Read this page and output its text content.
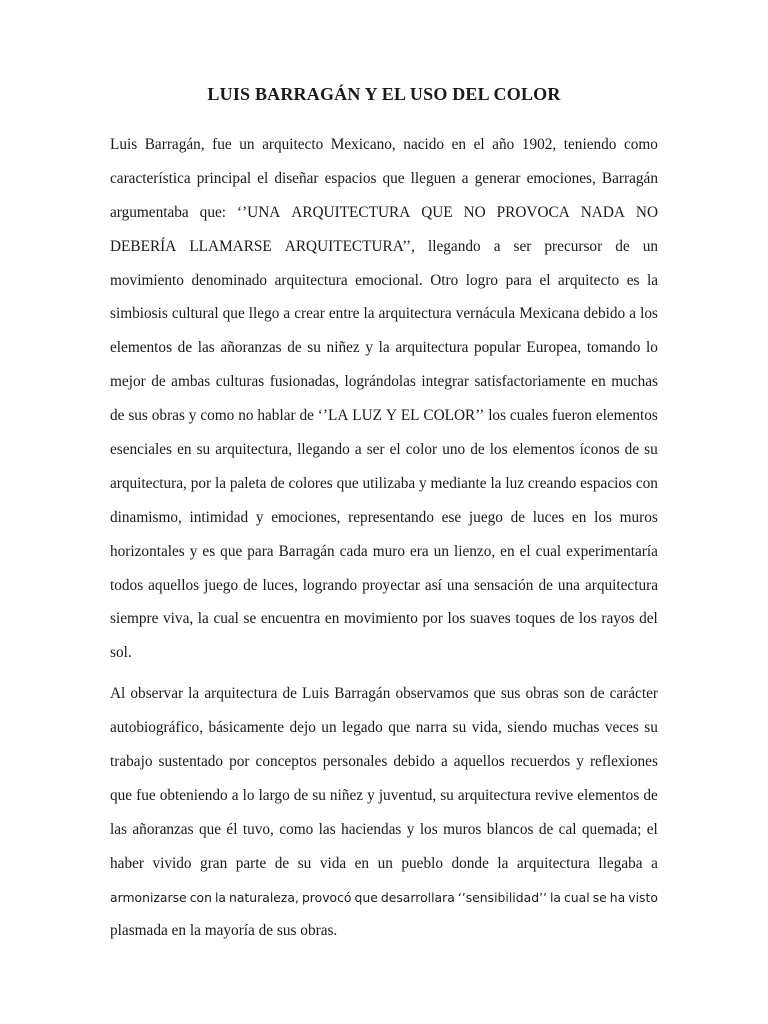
LUIS BARRAGÁN Y EL USO DEL COLOR
Luis Barragán, fue un arquitecto Mexicano, nacido en el año 1902, teniendo como
característica principal el diseñar espacios que lleguen a generar emociones, Barragán
argumentaba que: ‘’UNA ARQUITECTURA QUE NO PROVOCA NADA NO
DEBERÍA LLAMARSE ARQUITECTURA’’, llegando a ser precursor de un
movimiento denominado arquitectura emocional. Otro logro para el arquitecto es la
simbiosis cultural que llego a crear entre la arquitectura vernácula Mexicana debido a los
elementos de las añoranzas de su niñez y la arquitectura popular Europea, tomando lo
mejor de ambas culturas fusionadas, lográndolas integrar satisfactoriamente en muchas
de sus obras y como no hablar de ‘’LA LUZ Y EL COLOR’’ los cuales fueron elementos
esenciales en su arquitectura, llegando a ser el color uno de los elementos íconos de su
arquitectura, por la paleta de colores que utilizaba y mediante la luz creando espacios con
dinamismo, intimidad y emociones, representando ese juego de luces en los muros
horizontales y es que para Barragán cada muro era un lienzo, en el cual experimentaría
todos aquellos juego de luces, logrando proyectar así una sensación de una arquitectura
siempre viva, la cual se encuentra en movimiento por los suaves toques de los rayos del
sol.
Al observar la arquitectura de Luis Barragán observamos que sus obras son de carácter
autobiográfico, básicamente dejo un legado que narra su vida, siendo muchas veces su
trabajo sustentado por conceptos personales debido a aquellos recuerdos y reflexiones
que fue obteniendo a lo largo de su niñez y juventud, su arquitectura revive elementos de
las añoranzas que él tuvo, como las haciendas y los muros blancos de cal quemada; el
haber vivido gran parte de su vida en un pueblo donde la arquitectura llegaba a
armonizarse con la naturaleza, provocó que desarrollara ‘’sensibilidad’’ la cual se ha visto
plasmada en la mayoría de sus obras.
